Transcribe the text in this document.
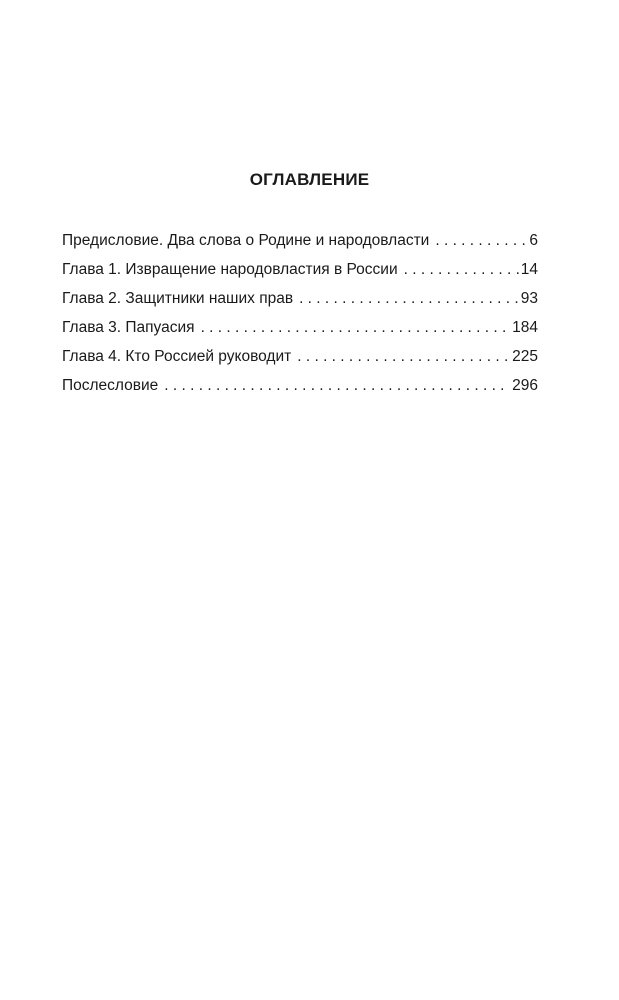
ОГЛАВЛЕНИЕ
Предисловие. Два слова о Родине и народовласти . . .	6
Глава 1. Извращение народовластия в России . . .	14
Глава 2. Защитники наших прав . . .	93
Глава 3. Папуасия . . .	184
Глава 4. Кто Россией руководит . . .	225
Послесловие . . .	296
